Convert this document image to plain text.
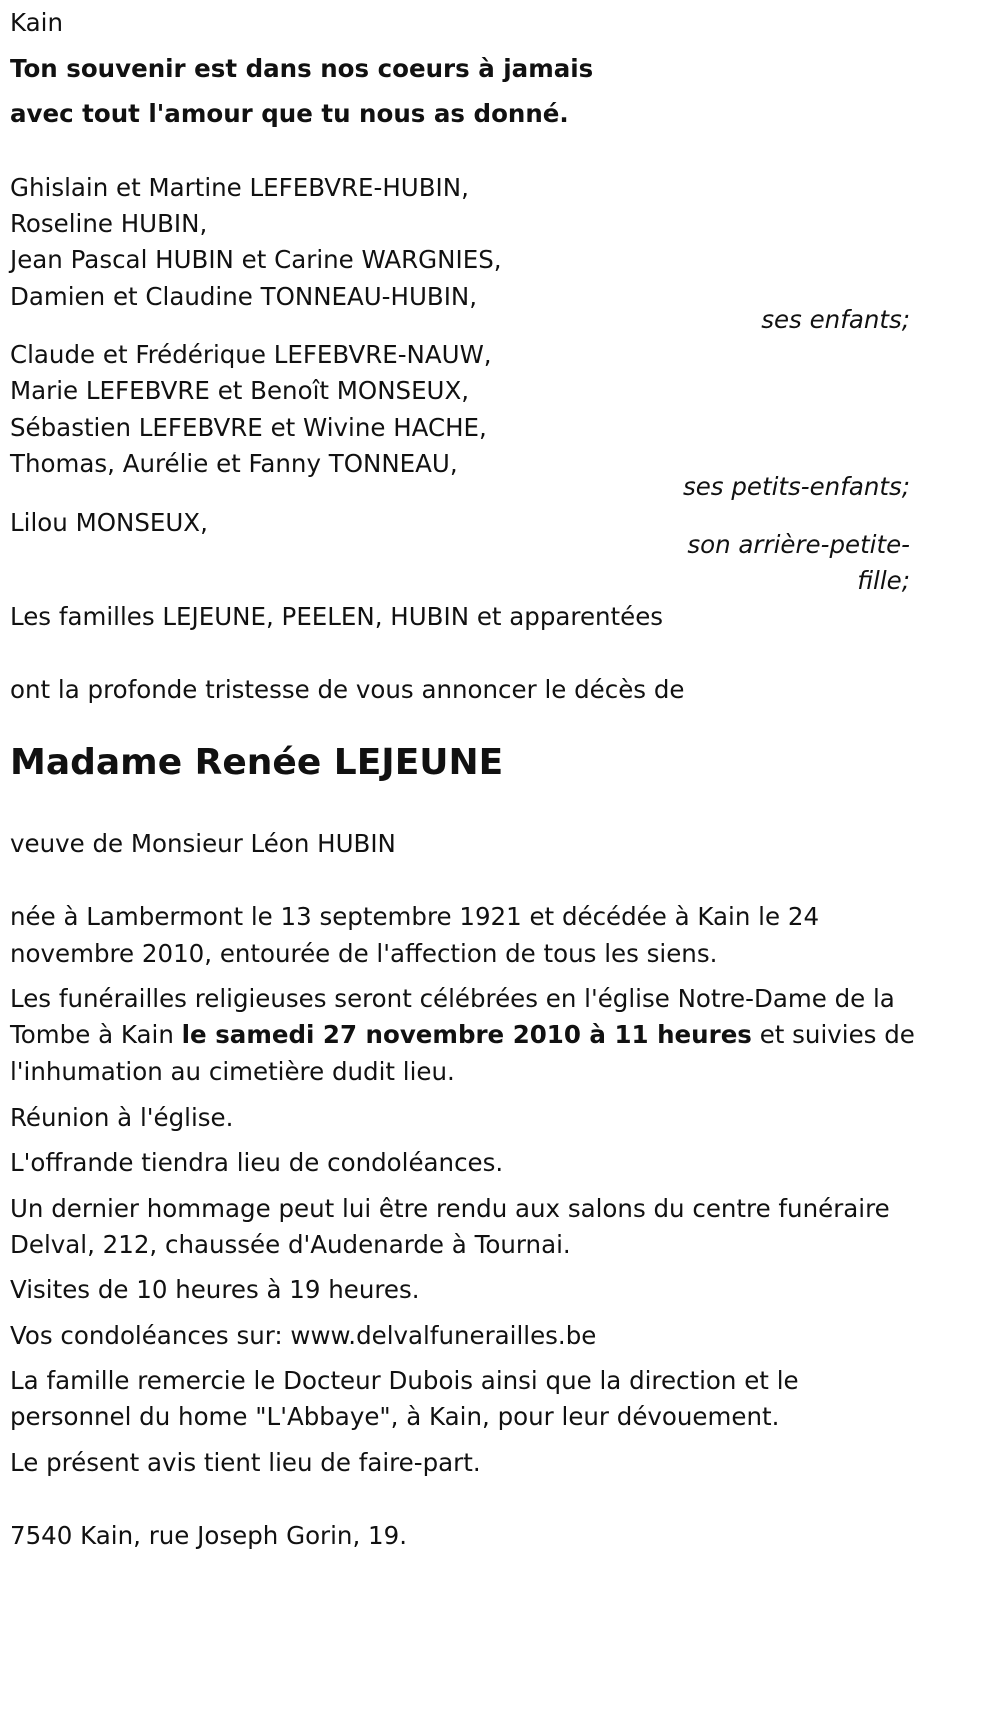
Kain
Ton souvenir est dans nos coeurs à jamais
avec tout l'amour que tu nous as donné.
Ghislain et Martine LEFEBVRE-HUBIN,
Roseline HUBIN,
Jean Pascal HUBIN et Carine WARGNIES,
Damien et Claudine TONNEAU-HUBIN,
ses enfants;
Claude et Frédérique LEFEBVRE-NAUW,
Marie LEFEBVRE et Benoît MONSEUX,
Sébastien LEFEBVRE et Wivine HACHE,
Thomas, Aurélie et Fanny TONNEAU,
ses petits-enfants;
Lilou MONSEUX,
son arrière-petite-
fille;
Les familles LEJEUNE, PEELEN, HUBIN et apparentées
ont la profonde tristesse de vous annoncer le décès de
Madame Renée LEJEUNE
veuve de Monsieur Léon HUBIN
née à Lambermont le 13 septembre 1921 et décédée à Kain le 24
novembre 2010, entourée de l'affection de tous les siens.
Les funérailles religieuses seront célébrées en l'église Notre-Dame de la
Tombe à Kain le samedi 27 novembre 2010 à 11 heures et suivies de
l'inhumation au cimetière dudit lieu.
Réunion à l'église.
L'offrande tiendra lieu de condoléances.
Un dernier hommage peut lui être rendu aux salons du centre funéraire
Delval, 212, chaussée d'Audenarde à Tournai.
Visites de 10 heures à 19 heures.
Vos condoléances sur: www.delvalfunerailles.be
La famille remercie le Docteur Dubois ainsi que la direction et le
personnel du home "L'Abbaye", à Kain, pour leur dévouement.
Le présent avis tient lieu de faire-part.
7540 Kain, rue Joseph Gorin, 19.
